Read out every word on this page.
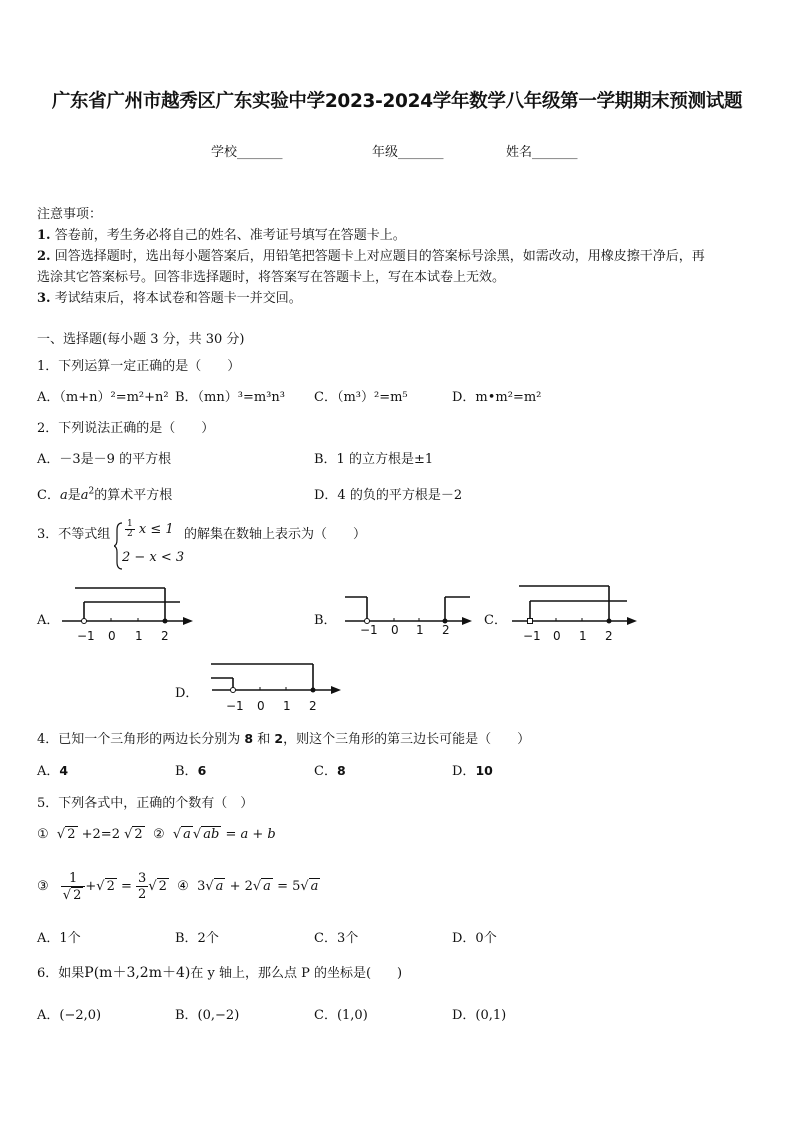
广东省广州市越秀区广东实验中学2023-2024学年数学八年级第一学期期末预测试题
学校_______	年级_______	姓名_______
注意事项：
1. 答卷前，考生务必将自己的姓名、准考证号填写在答题卡上。
2. 回答选择题时，选出每小题答案后，用铅笔把答题卡上对应题目的答案标号涂黑，如需改动，用橡皮擦干净后，再
选涂其它答案标号。回答非选择题时，将答案写在答题卡上，写在本试卷上无效。
3. 考试结束后，将本试卷和答题卡一并交回。
一、选择题(每小题 3 分，共 30 分)
1．下列运算一定正确的是（　　）
A．（m+n）²=m²+n² B．（mn）³=m³n³ C．（m³）²=m⁵	D．m•m²=m²
2．下列说法正确的是（　　）
A．－3是－9 的平方根	B．1 的立方根是±1
C．a是$a^2$的算术平方根	D．4 的负的平方根是－2
3．不等式组 $\frac{1}{2}$ x ≤ 1
2 − x < 3
的解集在数轴上表示为（　　）
A．	B．	C．
D．
−1 0 1 2	−1 0 1 2	−1 0 1 2
−1 0 1 2
4．已知一个三角形的两边长分别为 8 和 2，则这个三角形的第三边长可能是（　　）
A．4	B．6	C．8	D．10
5．下列各式中，正确的个数有（　）
①  √ 2 +2=2 √ 2 ②  √ a √ ab = a + b
③ $\frac{1}{√ 2}$ +√ $2 = \frac{3}{2}$ √ 2 ④ 3√ a + 2√ a = 5√ a
A．1个	B．2个	C．3个	D．0个
6．如果P(m＋3,2m＋4)在 y 轴上，那么点 P 的坐标是(　　)
A．(−2,0)	B．(0,−2)	C．(1,0)	D．(0,1)
